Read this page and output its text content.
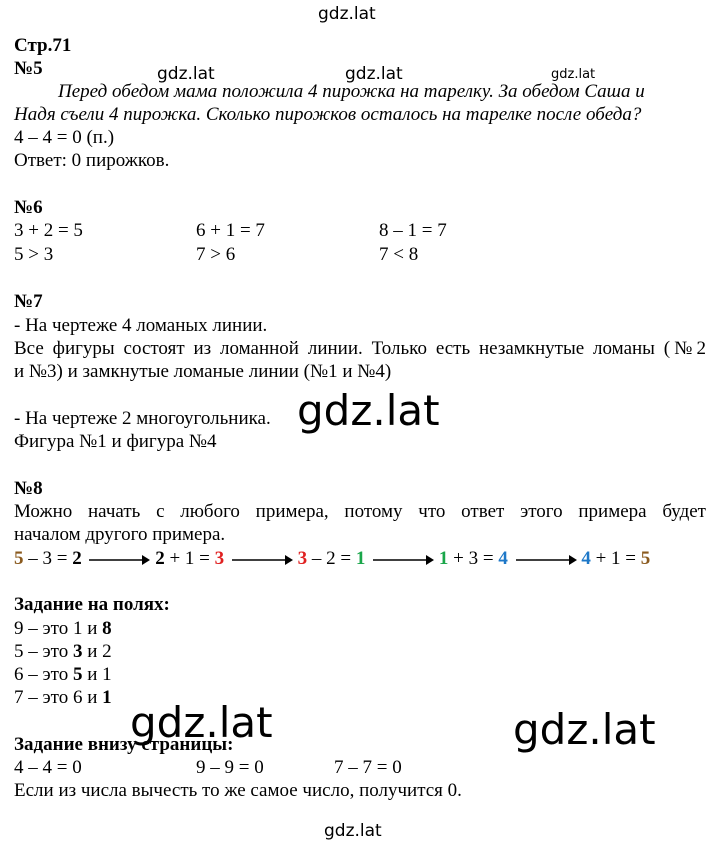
gdz.lat
gdz.lat	gdz.lat	gdz.lat
gdz.lat
gdz.lat	gdz.lat
gdz.lat
Стр.71
№5
Перед обедом мама положила 4 пирожка на тарелку. За обедом Саша и
Надя съели 4 пирожка. Сколько пирожков осталось на тарелке после обеда?
4 – 4 = 0 (п.)
Ответ: 0 пирожков.
№6
3 + 2 = 5	6 + 1 = 7	8 – 1 = 7
5 > 3	7 > 6	7 < 8
№7
- На чертеже 4 ломаных линии.
Все фигуры состоят из ломанной линии. Только есть незамкнутые ломаны (№2
и №3) и замкнутые ломаные линии (№1 и №4)
- На чертеже 2 многоугольника.
Фигура №1 и фигура №4
№8
Можно начать с любого примера, потому что ответ этого примера будет
началом другого примера.
5 – 3 = 2	2 + 1 = 3	3 – 2 = 1	1 + 3 = 4	4 + 1 = 5
Задание на полях:
9 – это 1 и 8
5 – это 3 и 2
6 – это 5 и 1
7 – это 6 и 1
Задание внизу страницы:
4 – 4 = 0	9 – 9 = 0	7 – 7 = 0
Если из числа вычесть то же самое число, получится 0.
